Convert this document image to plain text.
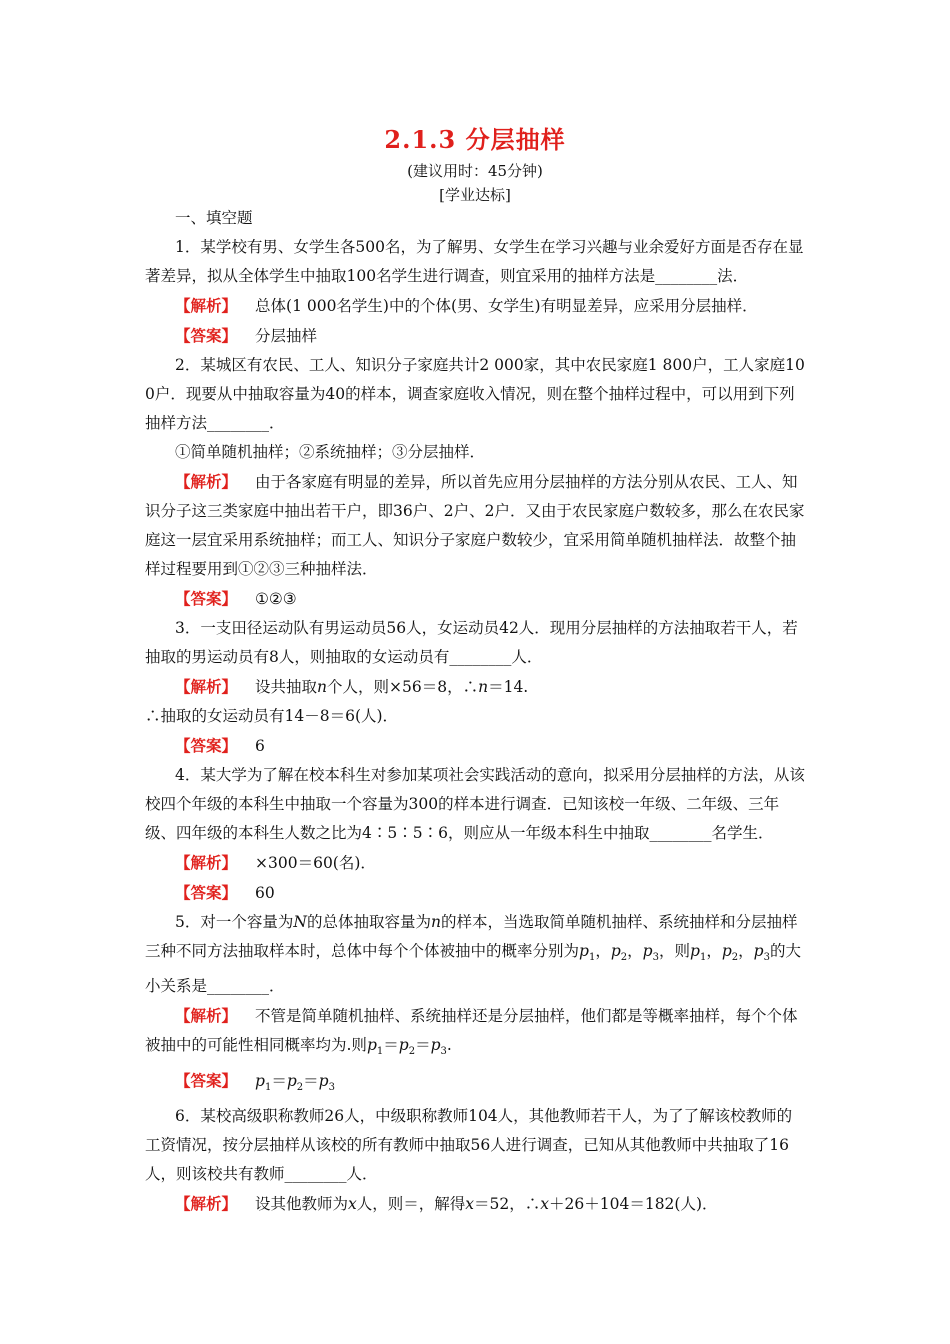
2.1.3 分层抽样
(建议用时：45分钟)
[学业达标]

一、填空题

1．某学校有男、女学生各500名，为了解男、女学生在学习兴趣与业余爱好方面是否存在显著差异，拟从全体学生中抽取100名学生进行调查，则宜采用的抽样方法是________法．

【解析】 总体(1 000名学生)中的个体(男、女学生)有明显差异，应采用分层抽样．

【答案】 分层抽样

2．某城区有农民、工人、知识分子家庭共计2 000家，其中农民家庭1 800户，工人家庭100户．现要从中抽取容量为40的样本，调查家庭收入情况，则在整个抽样过程中，可以用到下列抽样方法________．

①简单随机抽样；②系统抽样；③分层抽样．

【解析】 由于各家庭有明显的差异，所以首先应用分层抽样的方法分别从农民、工人、知识分子这三类家庭中抽出若干户，即36户、2户、2户．又由于农民家庭户数较多，那么在农民家庭这一层宜采用系统抽样；而工人、知识分子家庭户数较少，宜采用简单随机抽样法．故整个抽样过程要用到①②③三种抽样法．

【答案】 ①②③

3．一支田径运动队有男运动员56人，女运动员42人．现用分层抽样的方法抽取若干人，若抽取的男运动员有8人，则抽取的女运动员有________人．

【解析】 设共抽取n个人，则×56＝8，∴n＝14.

∴抽取的女运动员有14－8＝6(人)．

【答案】 6

4．某大学为了解在校本科生对参加某项社会实践活动的意向，拟采用分层抽样的方法，从该校四个年级的本科生中抽取一个容量为300的样本进行调查．已知该校一年级、二年级、三年级、四年级的本科生人数之比为4∶5∶5∶6，则应从一年级本科生中抽取________名学生．

【解析】 ×300＝60(名)．

【答案】 60

5．对一个容量为N的总体抽取容量为n的样本，当选取简单随机抽样、系统抽样和分层抽样三种不同方法抽取样本时，总体中每个个体被抽中的概率分别为$p_1$，$p_2$，$p_3$，则$p_1$，$p_2$，$p_3$的大小关系是________．

【解析】 不管是简单随机抽样、系统抽样还是分层抽样，他们都是等概率抽样，每个个体被抽中的可能性相同概率均为.则$p_1=p_2=p_3$.

【答案】 $p_1=p_2=p_3$

6．某校高级职称教师26人，中级职称教师104人，其他教师若干人，为了了解该校教师的工资情况，按分层抽样从该校的所有教师中抽取56人进行调查，已知从其他教师中共抽取了16人，则该校共有教师________人．

【解析】 设其他教师为x人，则＝，解得x＝52，∴x＋26＋104＝182(人)．
